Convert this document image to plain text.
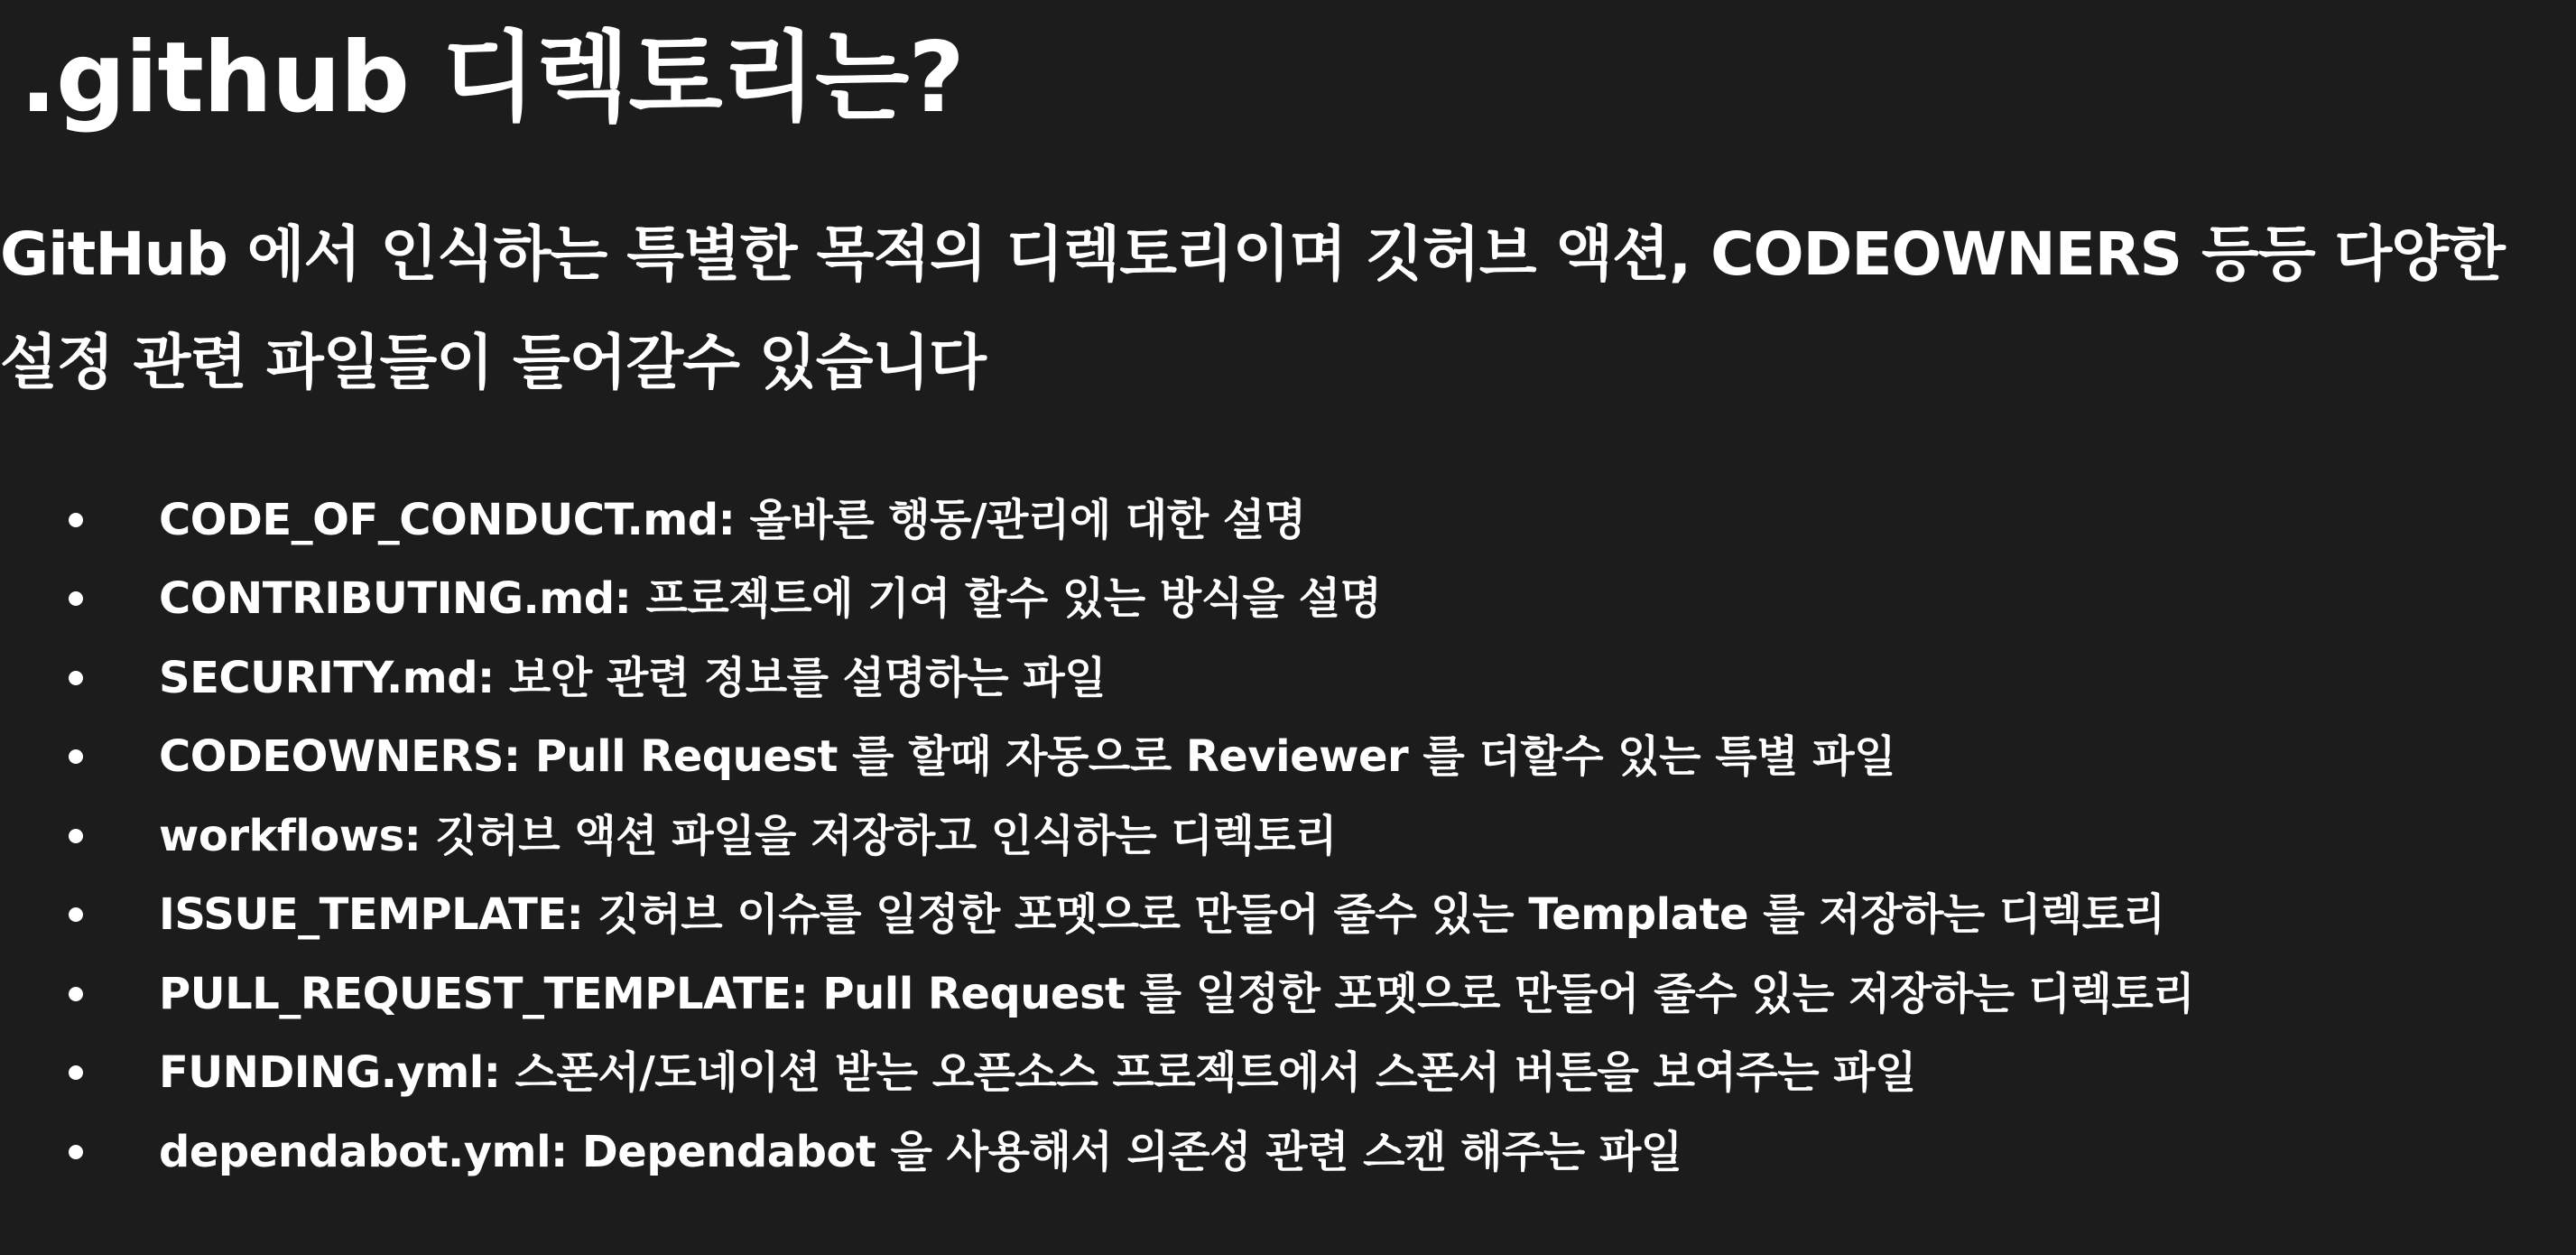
.github 디렉토리는?

GitHub 에서 인식하는 특별한 목적의 디렉토리이며 깃허브 액션, CODEOWNERS 등등 다양한
설정 관련 파일들이 들어갈수 있습니다

CODE_OF_CONDUCT.md: 올바른 행동/관리에 대한 설명
CONTRIBUTING.md: 프로젝트에 기여 할수 있는 방식을 설명
SECURITY.md: 보안 관련 정보를 설명하는 파일
CODEOWNERS: Pull Request 를 할때 자동으로 Reviewer 를 더할수 있는 특별 파일
workflows: 깃허브 액션 파일을 저장하고 인식하는 디렉토리
ISSUE_TEMPLATE: 깃허브 이슈를 일정한 포멧으로 만들어 줄수 있는 Template 를 저장하는 디렉토리
PULL_REQUEST_TEMPLATE: Pull Request 를 일정한 포멧으로 만들어 줄수 있는 저장하는 디렉토리
FUNDING.yml: 스폰서/도네이션 받는 오픈소스 프로젝트에서 스폰서 버튼을 보여주는 파일
dependabot.yml: Dependabot 을 사용해서 의존성 관련 스캔 해주는 파일
